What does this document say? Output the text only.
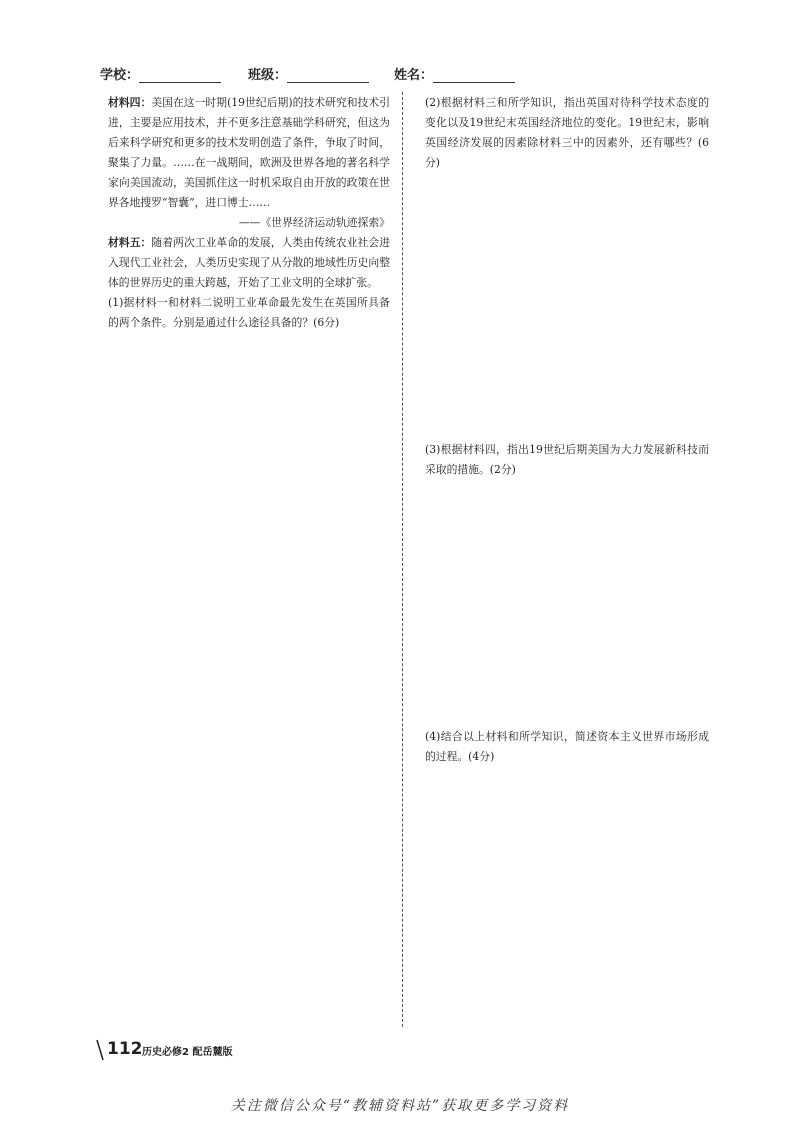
学校：	班级：	姓名：

材料四：美国在这一时期(19世纪后期)的技术研究和技术引进，主要是应用技术，并不更多注意基础学科研究，但这为后来科学研究和更多的技术发明创造了条件，争取了时间，聚集了力量。……在一战期间，欧洲及世界各地的著名科学家向美国流动，美国抓住这一时机采取自由开放的政策在世界各地搜罗“智囊”，进口博士……

——《世界经济运动轨迹探索》

材料五：随着两次工业革命的发展，人类由传统农业社会进入现代工业社会，人类历史实现了从分散的地域性历史向整体的世界历史的重大跨越，开始了工业文明的全球扩张。

(1)据材料一和材料二说明工业革命最先发生在英国所具备的两个条件。分别是通过什么途径具备的？(6分)

(2)根据材料三和所学知识，指出英国对待科学技术态度的变化以及19世纪末英国经济地位的变化。19世纪末，影响英国经济发展的因素除材料三中的因素外，还有哪些？(6分)

(3)根据材料四，指出19世纪后期美国为大力发展新科技而采取的措施。(2分)

(4)结合以上材料和所学知识，简述资本主义世界市场形成的过程。(4分)

112 历史必修2 配岳麓版
关注微信公众号“教辅资料站”获取更多学习资料
